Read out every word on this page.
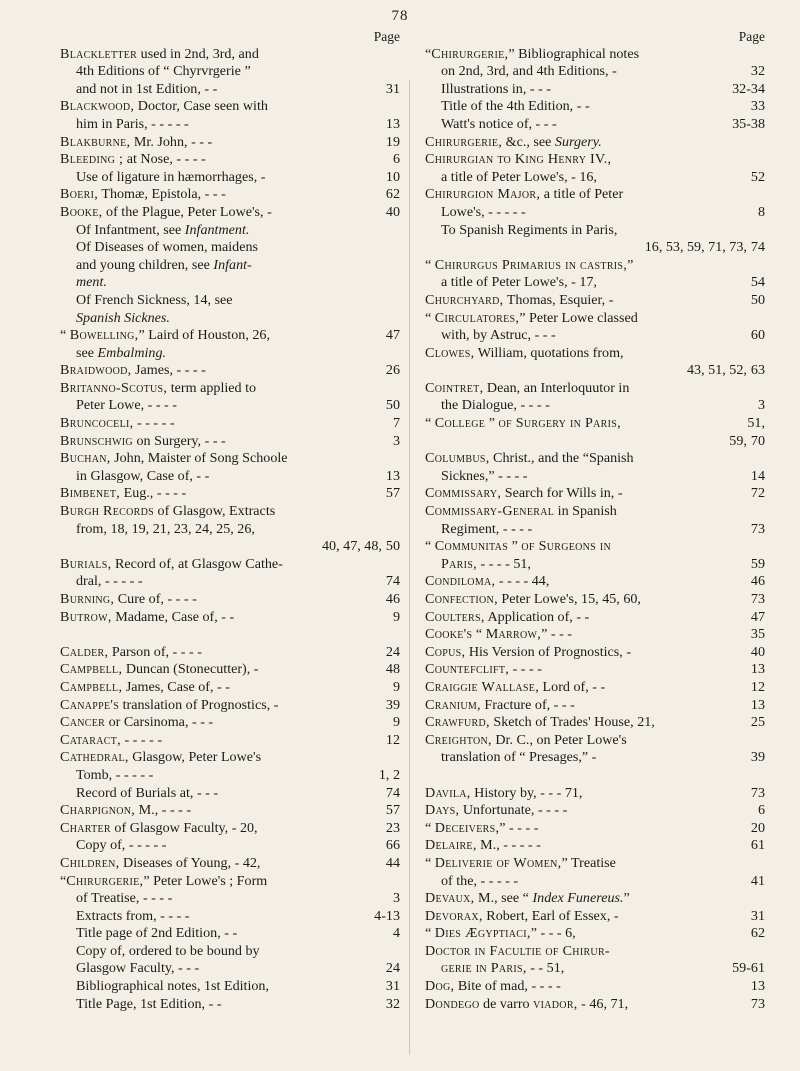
78
Page
Blackletter used in 2nd, 3rd, and
4th Editions of “ Chyrvrgerie ”
and not in 1st Edition, - -	31
Blackwood, Doctor, Case seen with
him in Paris, - - - - -	13
Blakburne, Mr. John, - - -	19
Bleeding ; at Nose, - - - -	6
Use of ligature in hæmorrhages, -	10
Boeri, Thomæ, Epistola, - - -	62
Booke, of the Plague, Peter Lowe's, -	40
Of Infantment, see Infantment.
Of Diseases of women, maidens
and young children, see Infant-
ment.
Of French Sickness, 14, see
Spanish Sicknes.
“ Bowelling,” Laird of Houston, 26,	47
see Embalming.
Braidwood, James, - - - -	26
Britanno-Scotus, term applied to
Peter Lowe, - - - -	50
Bruncoceli, - - - - -	7
Brunschwig on Surgery, - - -	3
Buchan, John, Maister of Song Schoole
in Glasgow, Case of, - -	13
Bimbenet, Eug., - - - -	57
Burgh Records of Glasgow, Extracts
from, 18, 19, 21, 23, 24, 25, 26,
40, 47, 48, 50
Burials, Record of, at Glasgow Cathe-
dral, - - - - -	74
Burning, Cure of, - - - -	46
Butrow, Madame, Case of, - -	9
Calder, Parson of, - - - -	24
Campbell, Duncan (Stonecutter), -	48
Campbell, James, Case of, - -	9
Canappe's translation of Prognostics, -	39
Cancer or Carsinoma, - - -	9
Cataract, - - - - -	12
Cathedral, Glasgow, Peter Lowe's
Tomb, - - - - -	1, 2
Record of Burials at, - - -	74
Charpignon, M., - - - -	57
Charter of Glasgow Faculty, - 20,	23
Copy of, - - - - -	66
Children, Diseases of Young, - 42,	44
“Chirurgerie,” Peter Lowe's ; Form
of Treatise, - - - -	3
Extracts from, - - - -	4-13
Title page of 2nd Edition, - -	4
Copy of, ordered to be bound by
Glasgow Faculty, - - -	24
Bibliographical notes, 1st Edition,	31
Title Page, 1st Edition, - -	32
Page
“Chirurgerie,” Bibliographical notes
on 2nd, 3rd, and 4th Editions, -	32
Illustrations in, - - -	32-34
Title of the 4th Edition, - -	33
Watt's notice of, - - -	35-38
Chirurgerie, &c., see Surgery.
Chirurgian to King Henry IV.,
a title of Peter Lowe's, - 16,	52
Chirurgion Major, a title of Peter
Lowe's, - - - - -	8
To Spanish Regiments in Paris,
16, 53, 59, 71, 73, 74
“ Chirurgus Primarius in castris,”
a title of Peter Lowe's, - 17,	54
Churchyard, Thomas, Esquier, -	50
“ Circulatores,” Peter Lowe classed
with, by Astruc, - - -	60
Clowes, William, quotations from,
43, 51, 52, 63
Cointret, Dean, an Interloquutor in
the Dialogue, - - - -	3
“ College ” of Surgery in Paris,	51,
59, 70
Columbus, Christ., and the “Spanish
Sicknes,” - - - -	14
Commissary, Search for Wills in, -	72
Commissary-General in Spanish
Regiment, - - - -	73
“ Communitas ” of Surgeons in
Paris, - - - - 51,	59
Condiloma, - - - - 44,	46
Confection, Peter Lowe's, 15, 45, 60,	73
Coulters, Application of, - -	47
Cooke's “ Marrow,” - - -	35
Copus, His Version of Prognostics, -	40
Countefclift, - - - -	13
Craiggie Wallase, Lord of, - -	12
Cranium, Fracture of, - - -	13
Crawfurd, Sketch of Trades' House, 21,	25
Creighton, Dr. C., on Peter Lowe's
translation of “ Presages,” -	39
Davila, History by, - - - 71,	73
Days, Unfortunate, - - - -	6
“ Deceivers,” - - - -	20
Delaire, M., - - - - -	61
“ Deliverie of Women,” Treatise
of the, - - - - -	41
Devaux, M., see “ Index Funereus.”
Devorax, Robert, Earl of Essex, -	31
“ Dies Ægyptiaci,” - - - 6,	62
Doctor in Facultie of Chirur-
gerie in Paris, - - 51,	59-61
Dog, Bite of mad, - - - -	13
Dondego de varro viador, - 46, 71,	73
